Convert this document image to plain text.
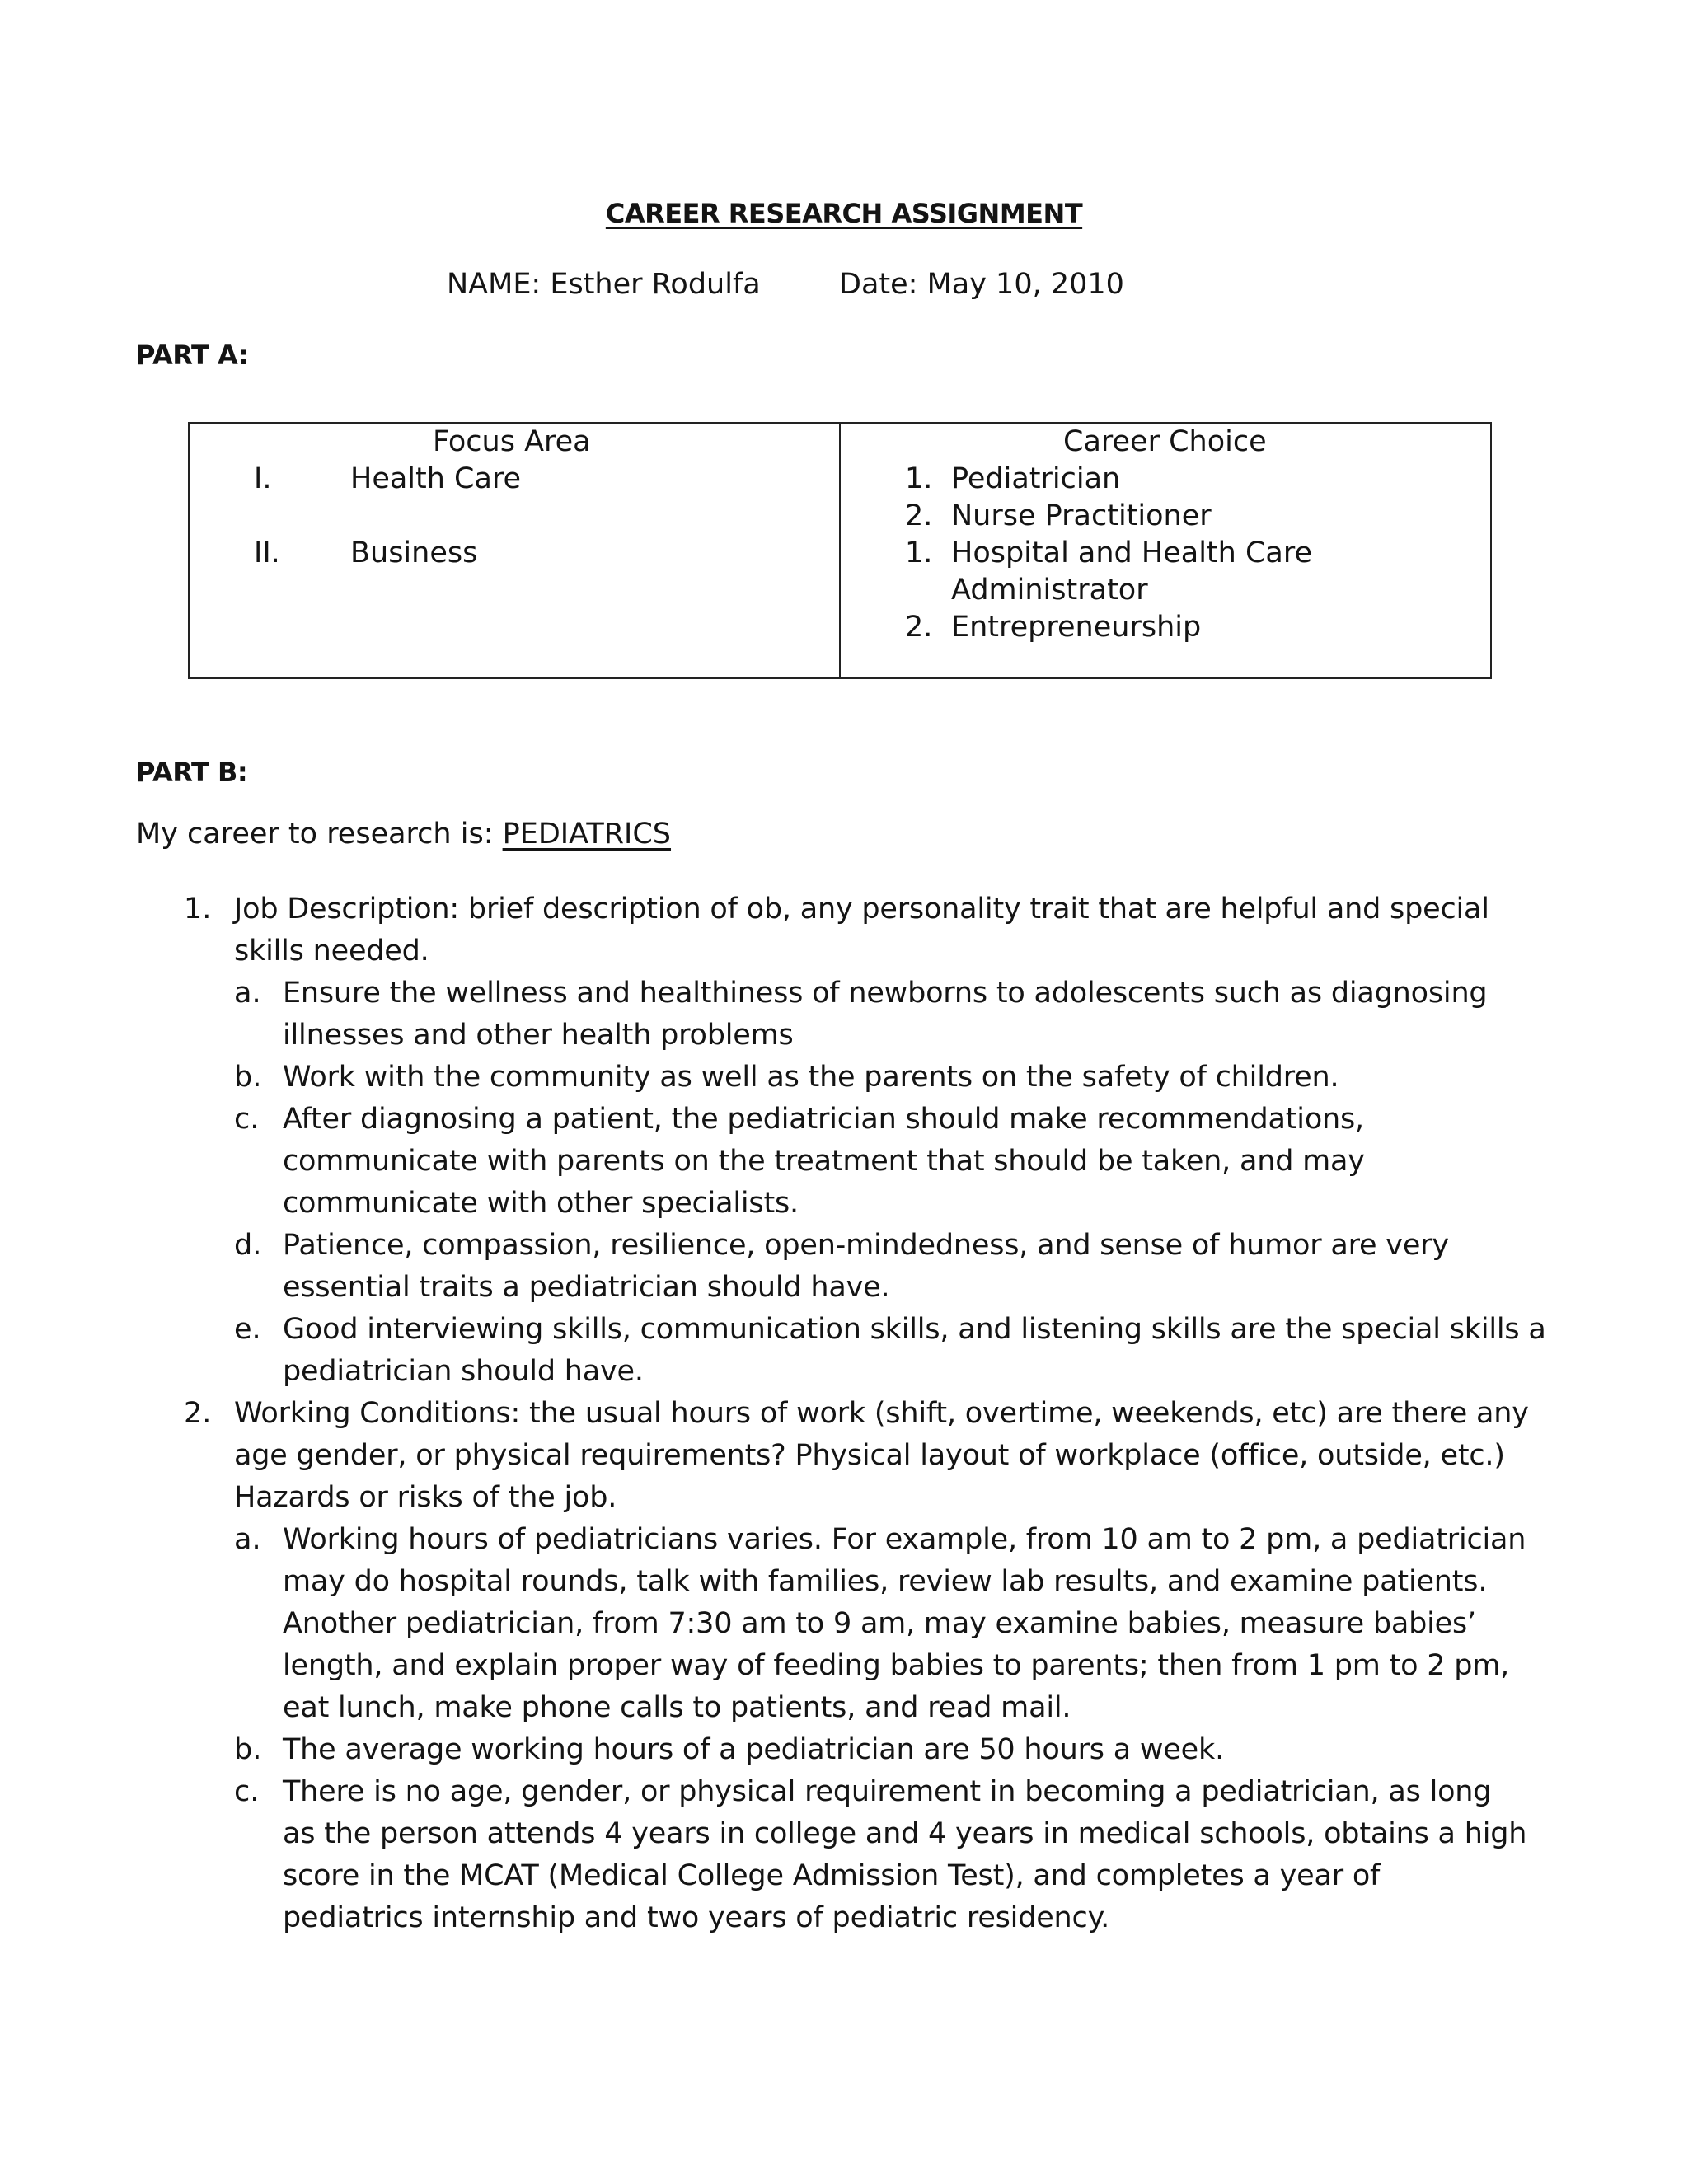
CAREER RESEARCH ASSIGNMENT
NAME: Esther Rodulfa	Date: May 10, 2010
PART A:
Focus Area
I.	Health Care
II. Business
Career Choice
1. Pediatrician
2. Nurse Practitioner
1. Hospital and Health Care
Administrator
2. Entrepreneurship
PART B:
My career to research is: PEDIATRICS
1. Job Description: brief description of ob, any personality trait that are helpful and special
skills needed.
a. Ensure the wellness and healthiness of newborns to adolescents such as diagnosing
illnesses and other health problems
b. Work with the community as well as the parents on the safety of children.
c. After diagnosing a patient, the pediatrician should make recommendations,
communicate with parents on the treatment that should be taken, and may
communicate with other specialists.
d. Patience, compassion, resilience, open-mindedness, and sense of humor are very
essential traits a pediatrician should have.
e. Good interviewing skills, communication skills, and listening skills are the special skills a
pediatrician should have.
2. Working Conditions: the usual hours of work (shift, overtime, weekends, etc) are there any
age gender, or physical requirements? Physical layout of workplace (office, outside, etc.)
Hazards or risks of the job.
a. Working hours of pediatricians varies. For example, from 10 am to 2 pm, a pediatrician
may do hospital rounds, talk with families, review lab results, and examine patients.
Another pediatrician, from 7:30 am to 9 am, may examine babies, measure babies’
length, and explain proper way of feeding babies to parents; then from 1 pm to 2 pm,
eat lunch, make phone calls to patients, and read mail.
b. The average working hours of a pediatrician are 50 hours a week.
c. There is no age, gender, or physical requirement in becoming a pediatrician, as long
as the person attends 4 years in college and 4 years in medical schools, obtains a high
score in the MCAT (Medical College Admission Test), and completes a year of
pediatrics internship and two years of pediatric residency.
